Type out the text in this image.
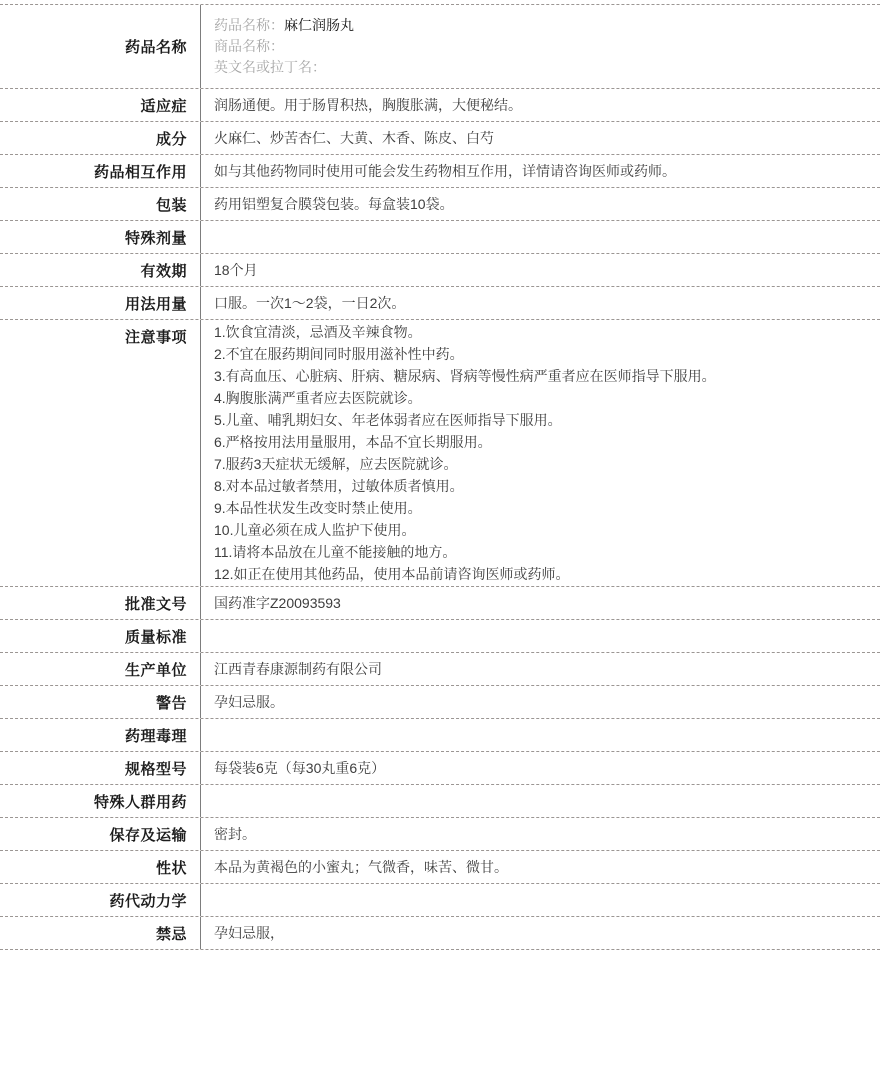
药品名称
药品名称：麻仁润肠丸
商品名称：
英文名或拉丁名：
适应症	润肠通便。用于肠胃积热，胸腹胀满，大便秘结。
成分	火麻仁、炒苦杏仁、大黄、木香、陈皮、白芍
药品相互作用	如与其他药物同时使用可能会发生药物相互作用，详情请咨询医师或药师。
包装	药用铝塑复合膜袋包装。每盒装10袋。
特殊剂量
有效期	18个月
用法用量	口服。一次1～2袋，一日2次。
注意事项	1.饮食宜清淡，忌酒及辛辣食物。
2.不宜在服药期间同时服用滋补性中药。
3.有高血压、心脏病、肝病、糖尿病、肾病等慢性病严重者应在医师指导下服用。
4.胸腹胀满严重者应去医院就诊。
5.儿童、哺乳期妇女、年老体弱者应在医师指导下服用。
6.严格按用法用量服用，本品不宜长期服用。
7.服药3天症状无缓解，应去医院就诊。
8.对本品过敏者禁用，过敏体质者慎用。
9.本品性状发生改变时禁止使用。
10.儿童必须在成人监护下使用。
11.请将本品放在儿童不能接触的地方。
12.如正在使用其他药品，使用本品前请咨询医师或药师。
批准文号	国药准字Z20093593
质量标准
生产单位	江西青春康源制药有限公司
警告	孕妇忌服。
药理毒理
规格型号	每袋装6克（每30丸重6克）
特殊人群用药
保存及运输	密封。
性状	本品为黄褐色的小蜜丸；气微香，味苦、微甘。
药代动力学
禁忌	孕妇忌服，
